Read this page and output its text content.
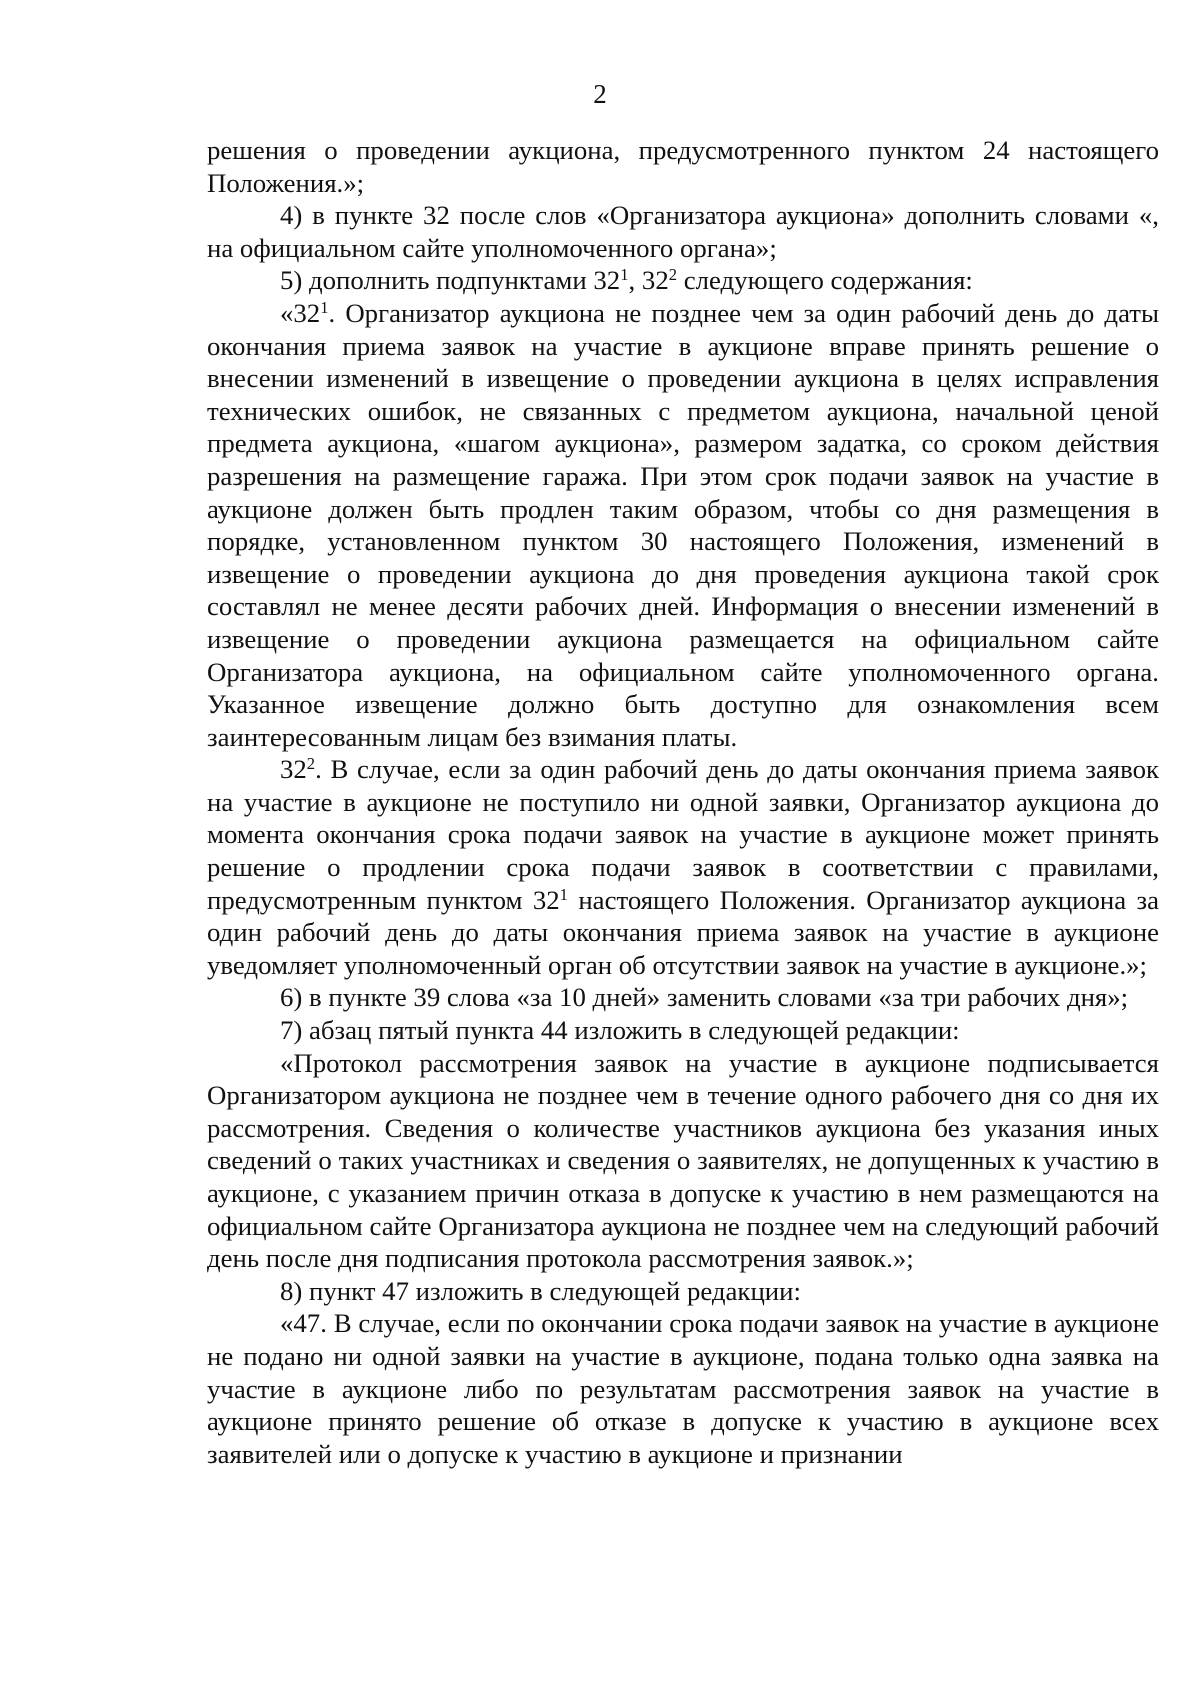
2

решения о проведении аукциона, предусмотренного пунктом 24 настоящего Положения.»;

4) в пункте 32 после слов «Организатора аукциона» дополнить словами «, на официальном сайте уполномоченного органа»;

5) дополнить подпунктами $32^1$, $32^2$ следующего содержания:

«$32^1$. Организатор аукциона не позднее чем за один рабочий день до даты окончания приема заявок на участие в аукционе вправе принять решение о внесении изменений в извещение о проведении аукциона в целях исправления технических ошибок, не связанных с предметом аукциона, начальной ценой предмета аукциона, «шагом аукциона», размером задатка, со сроком действия разрешения на размещение гаража. При этом срок подачи заявок на участие в аукционе должен быть продлен таким образом, чтобы со дня размещения в порядке, установленном пунктом 30 настоящего Положения, изменений в извещение о проведении аукциона до дня проведения аукциона такой срок составлял не менее десяти рабочих дней. Информация о внесении изменений в извещение о проведении аукциона размещается на официальном сайте Организатора аукциона, на официальном сайте уполномоченного органа. Указанное извещение должно быть доступно для ознакомления всем заинтересованным лицам без взимания платы.

$32^2$. В случае, если за один рабочий день до даты окончания приема заявок на участие в аукционе не поступило ни одной заявки, Организатор аукциона до момента окончания срока подачи заявок на участие в аукционе может принять решение о продлении срока подачи заявок в соответствии с правилами, предусмотренным пунктом $32^1$ настоящего Положения. Организатор аукциона за один рабочий день до даты окончания приема заявок на участие в аукционе уведомляет уполномоченный орган об отсутствии заявок на участие в аукционе.»;

6) в пункте 39 слова «за 10 дней» заменить словами «за три рабочих дня»;

7) абзац пятый пункта 44 изложить в следующей редакции:

«Протокол рассмотрения заявок на участие в аукционе подписывается Организатором аукциона не позднее чем в течение одного рабочего дня со дня их рассмотрения. Сведения о количестве участников аукциона без указания иных сведений о таких участниках и сведения о заявителях, не допущенных к участию в аукционе, с указанием причин отказа в допуске к участию в нем размещаются на официальном сайте Организатора аукциона не позднее чем на следующий рабочий день после дня подписания протокола рассмотрения заявок.»;

8) пункт 47 изложить в следующей редакции:

«47. В случае, если по окончании срока подачи заявок на участие в аукционе не подано ни одной заявки на участие в аукционе, подана только одна заявка на участие в аукционе либо по результатам рассмотрения заявок на участие в аукционе принято решение об отказе в допуске к участию в аукционе всех заявителей или о допуске к участию в аукционе и признании
